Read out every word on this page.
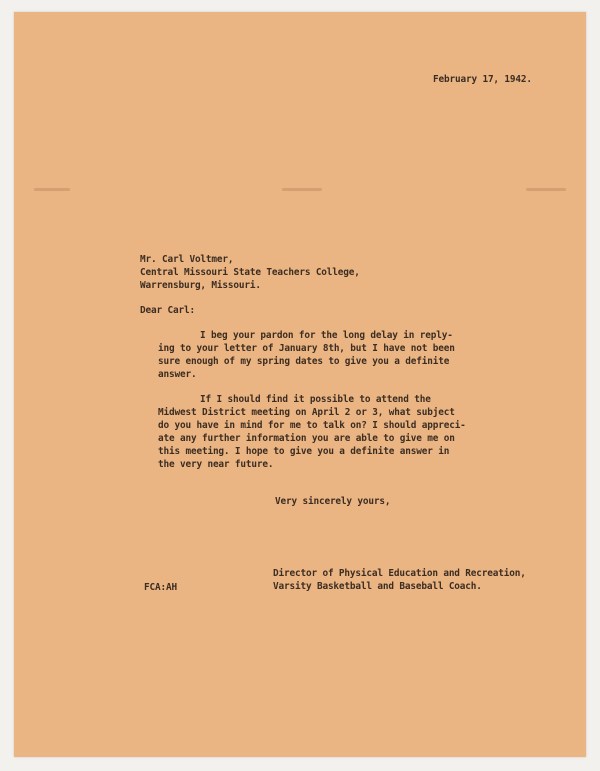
February 17, 1942.

Mr. Carl Voltmer,

Central Missouri State Teachers College,

Warrensburg, Missouri.

Dear Carl:

I beg your pardon for the long delay in reply-

ing to your letter of January 8th, but I have not been

sure enough of my spring dates to give you a definite

answer.

If I should find it possible to attend the

Midwest District meeting on April 2 or 3, what subject

do you have in mind for me to talk on? I should appreci-

ate any further information you are able to give me on

this meeting. I hope to give you a definite answer in

the very near future.

Very sincerely yours,

Director of Physical Education and Recreation,

Varsity Basketball and Baseball Coach.

FCA:AH
